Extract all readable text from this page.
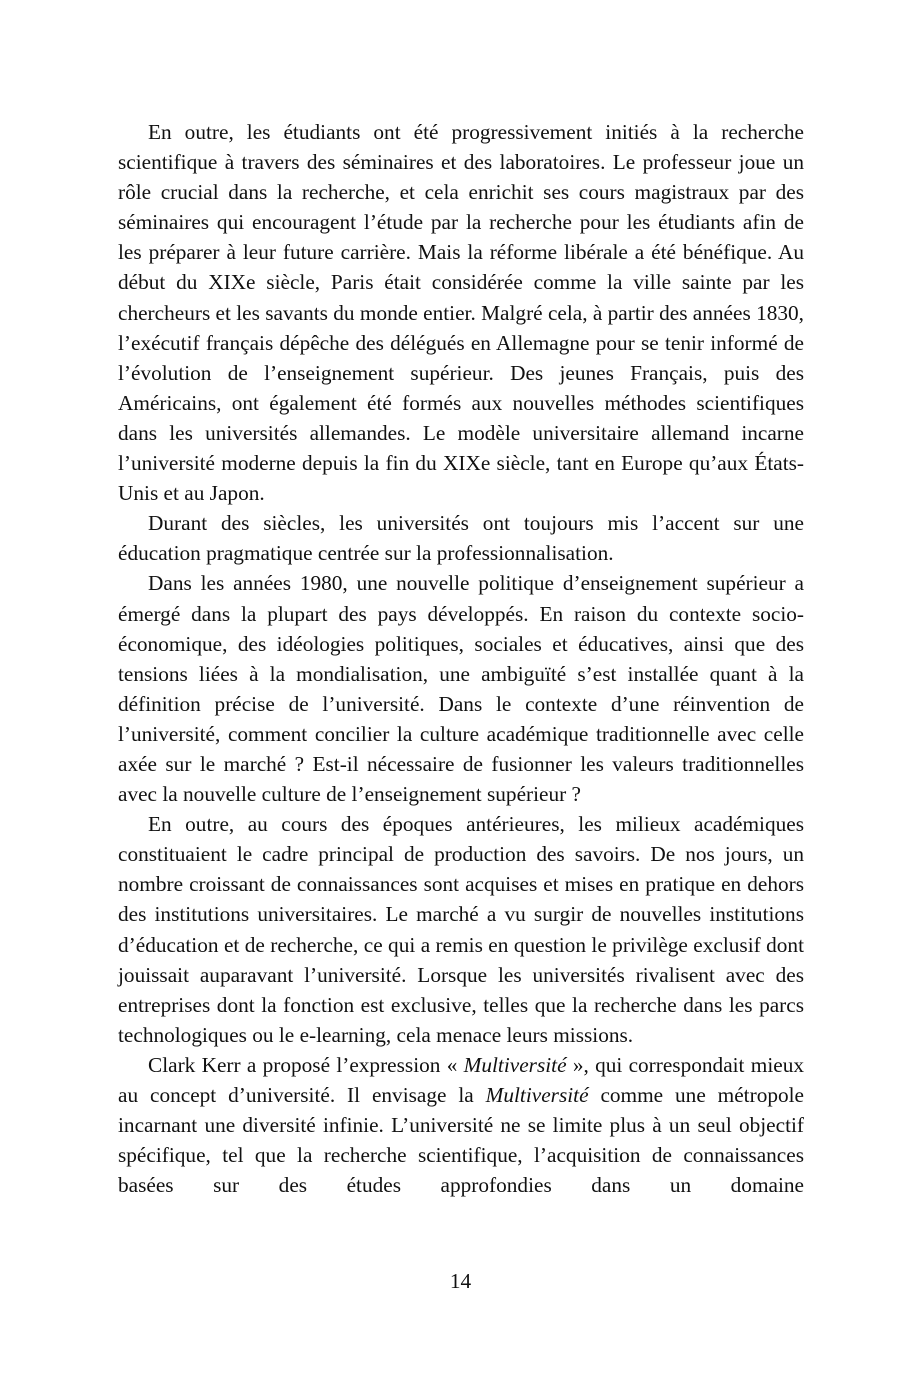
En outre, les étudiants ont été progressivement initiés à la recherche scientifique à travers des séminaires et des laboratoires. Le professeur joue un rôle crucial dans la recherche, et cela enrichit ses cours magistraux par des séminaires qui encouragent l’étude par la recherche pour les étudiants afin de les préparer à leur future carrière. Mais la réforme libérale a été bénéfique. Au début du XIXe siècle, Paris était considérée comme la ville sainte par les chercheurs et les savants du monde entier. Malgré cela, à partir des années 1830, l’exécutif français dépêche des délégués en Allemagne pour se tenir informé de l’évolution de l’enseignement supérieur. Des jeunes Français, puis des Américains, ont également été formés aux nouvelles méthodes scientifiques dans les universités allemandes. Le modèle universitaire allemand incarne l’université moderne depuis la fin du XIXe siècle, tant en Europe qu’aux États-Unis et au Japon.

Durant des siècles, les universités ont toujours mis l’accent sur une éducation pragmatique centrée sur la professionnalisation.

Dans les années 1980, une nouvelle politique d’enseignement supérieur a émergé dans la plupart des pays développés. En raison du contexte socio-économique, des idéologies politiques, sociales et éducatives, ainsi que des tensions liées à la mondialisation, une ambiguïté s’est installée quant à la définition précise de l’université. Dans le contexte d’une réinvention de l’université, comment concilier la culture académique traditionnelle avec celle axée sur le marché ? Est-il nécessaire de fusionner les valeurs traditionnelles avec la nouvelle culture de l’enseignement supérieur ?

En outre, au cours des époques antérieures, les milieux académiques constituaient le cadre principal de production des savoirs. De nos jours, un nombre croissant de connaissances sont acquises et mises en pratique en dehors des institutions universitaires. Le marché a vu surgir de nouvelles institutions d’éducation et de recherche, ce qui a remis en question le privilège exclusif dont jouissait auparavant l’université. Lorsque les universités rivalisent avec des entreprises dont la fonction est exclusive, telles que la recherche dans les parcs technologiques ou le e-learning, cela menace leurs missions.

Clark Kerr a proposé l’expression « Multiversité », qui correspondait mieux au concept d’université. Il envisage la Multiversité comme une métropole incarnant une diversité infinie. L’université ne se limite plus à un seul objectif spécifique, tel que la recherche scientifique, l’acquisition de connaissances basées sur des études approfondies dans un domaine

14
